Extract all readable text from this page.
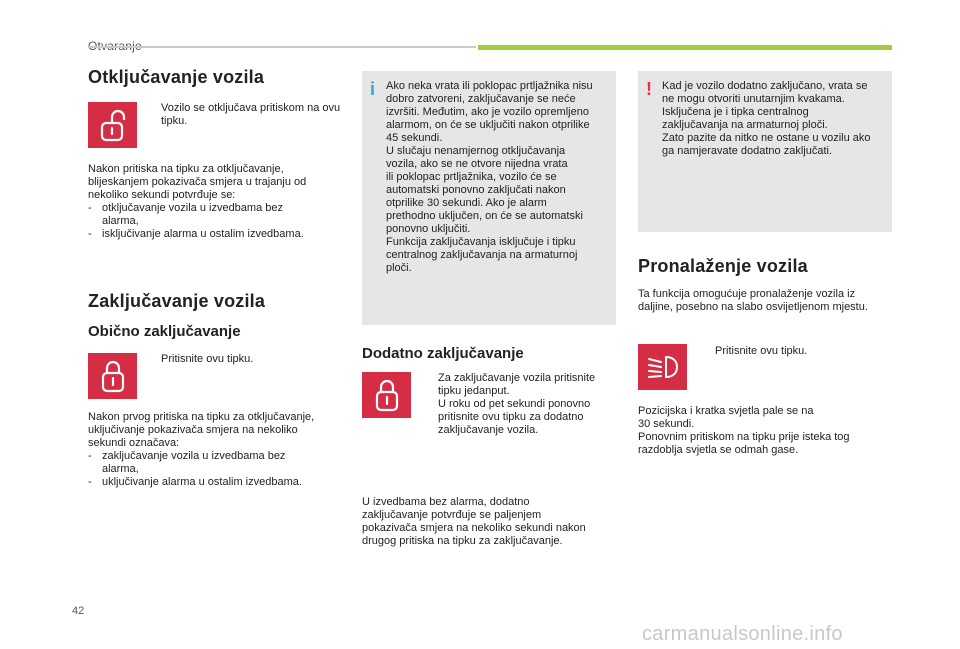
Otključavanje vozila
Vozilo se otključava pritiskom na ovu tipku.
Nakon pritiska na tipku za otključavanje,
blijeskanjem pokazivača smjera u trajanju od
nekoliko sekundi potvrđuje se:
- otključavanje vozila u izvedbama bez
alarma,
- isključivanje alarma u ostalim izvedbama.
Zaključavanje vozila
Obično zaključavanje
Pritisnite ovu tipku.
Nakon prvog pritiska na tipku za otključavanje,
uključivanje pokazivača smjera na nekoliko
sekundi označava:
- zaključavanje vozila u izvedbama bez
alarma,
- uključivanje alarma u ostalim izvedbama.
i Ako neka vrata ili poklopac prtljažnika nisu
dobro zatvoreni, zaključavanje se neće
izvršiti. Međutim, ako je vozilo opremljeno
alarmom, on će se uključiti nakon otprilike
45 sekundi.
U slučaju nenamjernog otključavanja
vozila, ako se ne otvore nijedna vrata
ili poklopac prtljažnika, vozilo će se
automatski ponovno zaključati nakon
otprilike 30 sekundi. Ako je alarm
prethodno uključen, on će se automatski
ponovno uključiti.
Funkcija zaključavanja isključuje i tipku
centralnog zaključavanja na armaturnoj
ploči.
Dodatno zaključavanje
Za zaključavanje vozila pritisnite
tipku jedanput.
U roku od pet sekundi ponovno
pritisnite ovu tipku za dodatno
zaključavanje vozila.
U izvedbama bez alarma, dodatno
zaključavanje potvrđuje se paljenjem
pokazivača smjera na nekoliko sekundi nakon
drugog pritiska na tipku za zaključavanje.
! Kad je vozilo dodatno zaključano, vrata se
ne mogu otvoriti unutarnjim kvakama.
Isključena je i tipka centralnog
zaključavanja na armaturnoj ploči.
Zato pazite da nitko ne ostane u vozilu ako
ga namjeravate dodatno zaključati.
Pronalaženje vozila
Ta funkcija omogućuje pronalaženje vozila iz
daljine, posebno na slabo osvijetljenom mjestu.
Pritisnite ovu tipku.
Pozicijska i kratka svjetla pale se na
30 sekundi.
Ponovnim pritiskom na tipku prije isteka tog
razdoblja svjetla se odmah gase.
42
carmanualsonline.info
